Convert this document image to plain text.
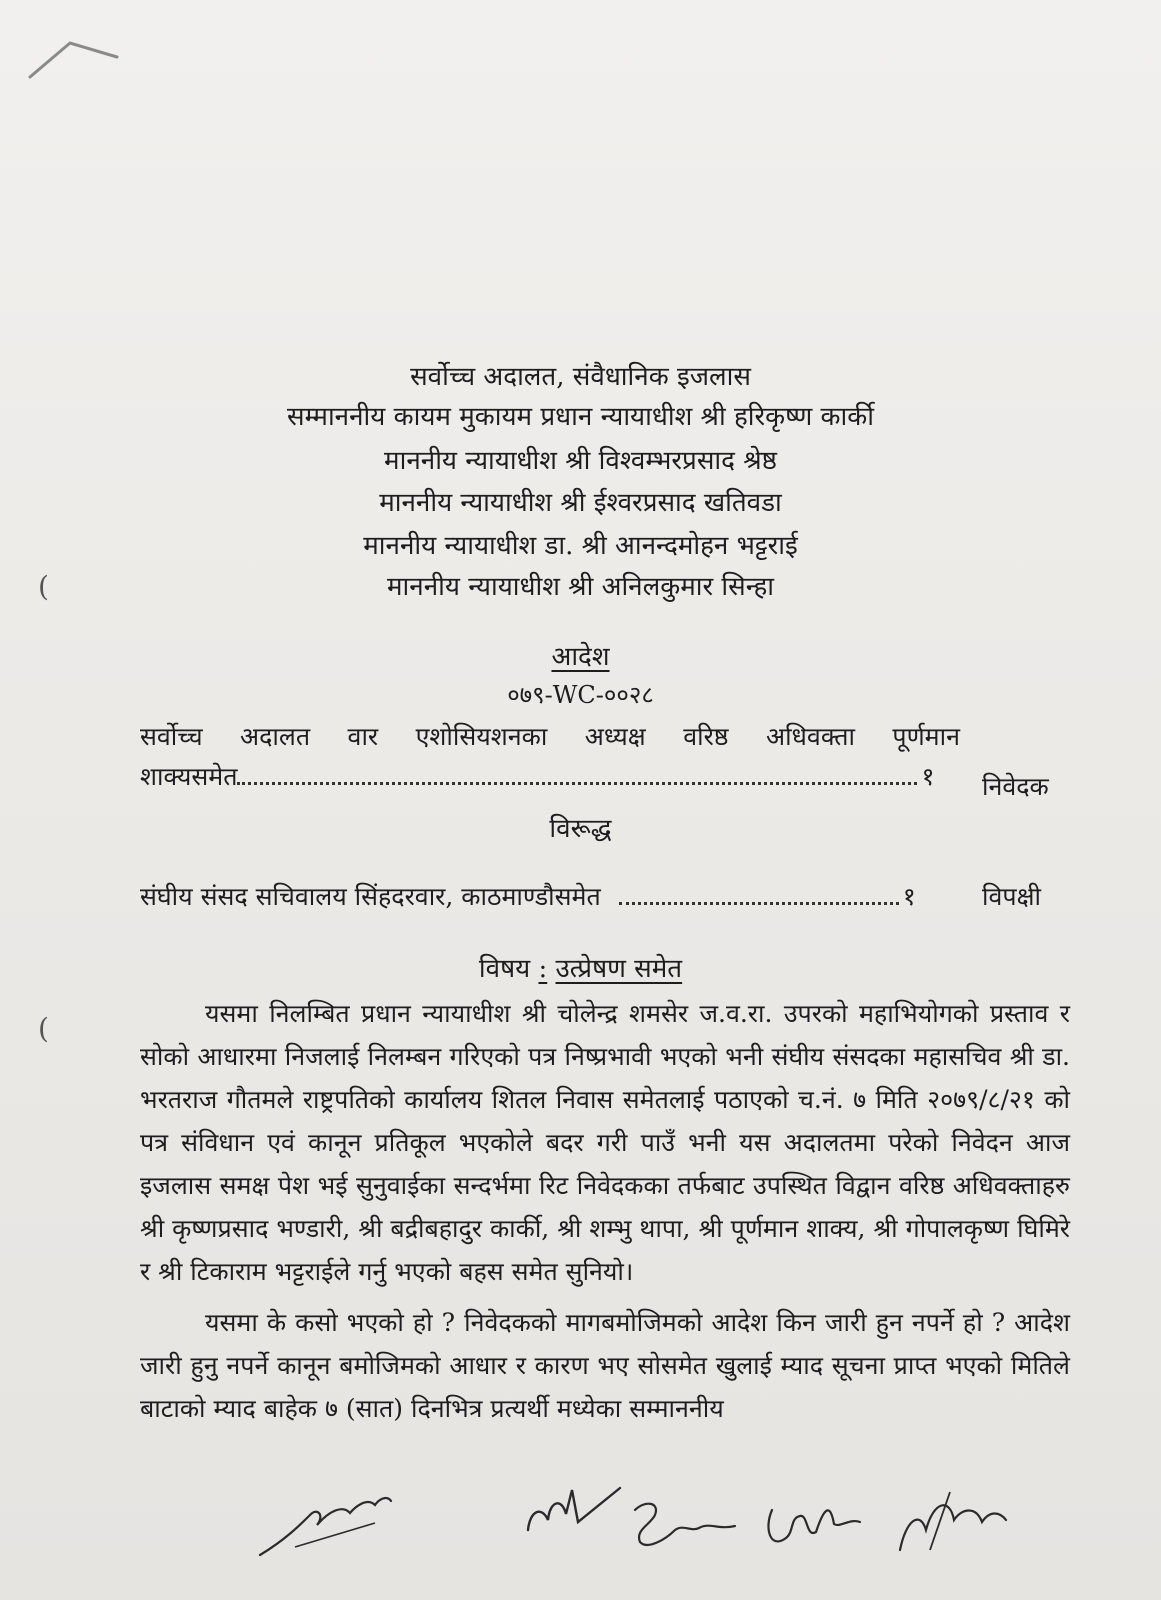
सर्वोच्च अदालत, संवैधानिक इजलास
सम्माननीय कायम मुकायम प्रधान न्यायाधीश श्री हरिकृष्ण कार्की
माननीय न्यायाधीश श्री विश्वम्भरप्रसाद श्रेष्ठ
माननीय न्यायाधीश श्री ईश्वरप्रसाद खतिवडा
माननीय न्यायाधीश डा. श्री आनन्दमोहन भट्टराई
माननीय न्यायाधीश श्री अनिलकुमार सिन्हा
(
आदेश
०७९-WC-००२८
सर्वोच्च अदालत वार एशोसियशनका अध्यक्ष वरिष्ठ अधिवक्ता पूर्णमान
शाक्यसमेत	१ निवेदक
विरूद्ध
संघीय संसद सचिवालय सिंहदरवार, काठमाण्डौसमेत	१	विपक्षी
विषय : उत्प्रेषण समेत
(	यसमा निलम्बित प्रधान न्यायाधीश श्री चोलेन्द्र शमसेर ज.व.रा. उपरको महाभियोगको प्रस्ताव र सोको आधारमा निजलाई निलम्बन गरिएको पत्र निष्प्रभावी भएको भनी संघीय संसदका महासचिव श्री डा. भरतराज गौतमले राष्ट्रपतिको कार्यालय शितल निवास समेतलाई पठाएको च.नं. ७ मिति २०७९/८/२१ को पत्र संविधान एवं कानून प्रतिकूल भएकोले बदर गरी पाउँ भनी यस अदालतमा परेको निवेदन आज इजलास समक्ष पेश भई सुनुवाईका सन्दर्भमा रिट निवेदकका तर्फबाट उपस्थित विद्वान वरिष्ठ अधिवक्ताहरु श्री कृष्णप्रसाद भण्डारी, श्री बद्रीबहादुर कार्की, श्री शम्भु थापा, श्री पूर्णमान शाक्य, श्री गोपालकृष्ण घिमिरे र श्री टिकाराम भट्टराईले गर्नु भएको बहस समेत सुनियो।

यसमा के कसो भएको हो ? निवेदकको मागबमोजिमको आदेश किन जारी हुन नपर्ने हो ? आदेश जारी हुनु नपर्ने कानून बमोजिमको आधार र कारण भए सोसमेत खुलाई म्याद सूचना प्राप्त भएको मितिले बाटाको म्याद बाहेक ७ (सात) दिनभित्र प्रत्यर्थी मध्येका सम्माननीय
